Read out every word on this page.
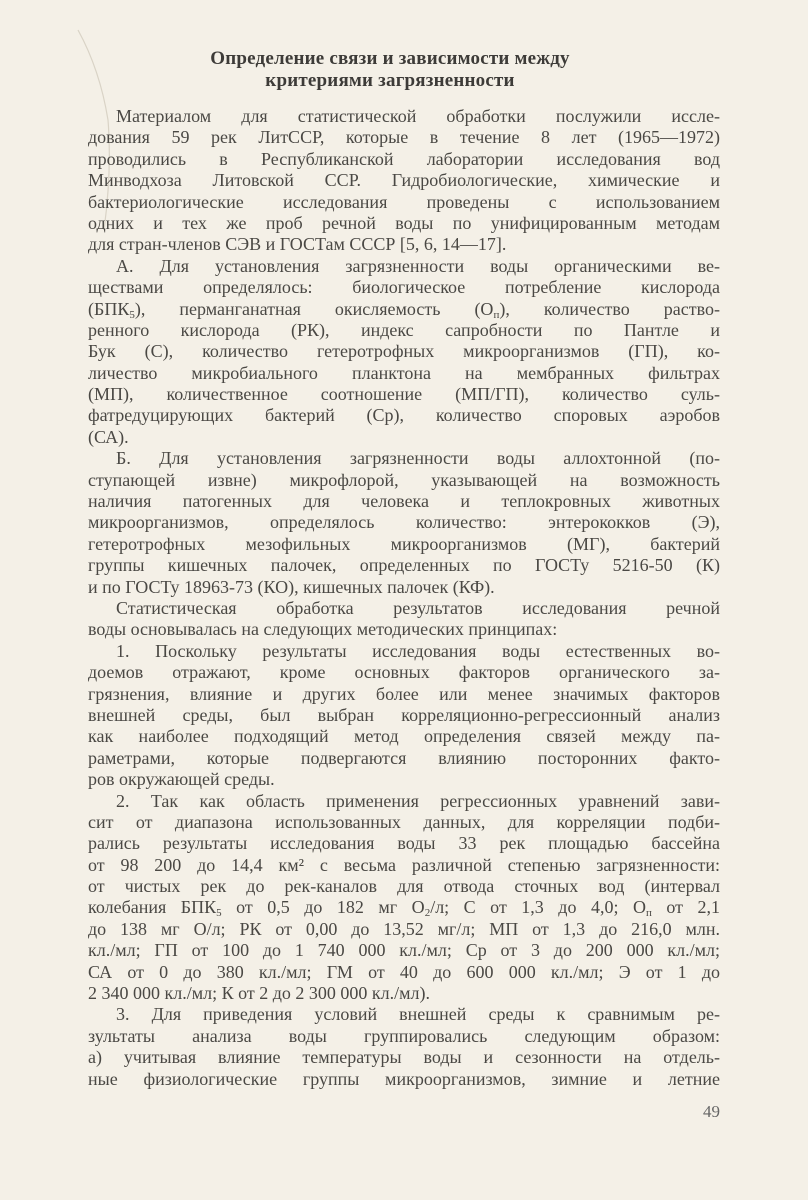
Определение связи и зависимости между
критериями загрязненности
Материалом для статистической обработки послужили иссле-
дования 59 рек ЛитССР, которые в течение 8 лет (1965—1972)
проводились в Республиканской лаборатории исследования вод
Минводхоза Литовской ССР. Гидробиологические, химические и
бактериологические исследования проведены с использованием
одних и тех же проб речной воды по унифицированным методам
для стран-членов СЭВ и ГОСТам СССР [5, 6, 14—17].
А. Для установления загрязненности воды органическими ве-
ществами определялось: биологическое потребление кислорода
$(БПК_5)$, перманганатная окисляемость $(О_п)$, количество раство-
ренного кислорода (РК), индекс сапробности по Пантле и
Бук (С), количество гетеротрофных микроорганизмов (ГП), ко-
личество микробиального планктона на мембранных фильтрах
(МП), количественное соотношение (МП/ГП), количество суль-
фатредуцирующих бактерий (Ср), количество споровых аэробов
(СА).
Б. Для установления загрязненности воды аллохтонной (по-
ступающей извне) микрофлорой, указывающей на возможность
наличия патогенных для человека и теплокровных животных
микроорганизмов, определялось количество: энтерококков (Э),
гетеротрофных мезофильных микроорганизмов (МГ), бактерий
группы кишечных палочек, определенных по ГОСТу 5216-50 (К)
и по ГОСТу 18963-73 (КО), кишечных палочек (КФ).
Статистическая обработка результатов исследования речной
воды основывалась на следующих методических принципах:
1. Поскольку результаты исследования воды естественных во-
доемов отражают, кроме основных факторов органического за-
грязнения, влияние и других более или менее значимых факторов
внешней среды, был выбран корреляционно-регрессионный анализ
как наиболее подходящий метод определения связей между па-
раметрами, которые подвергаются влиянию посторонних факто-
ров окружающей среды.
2. Так как область применения регрессионных уравнений зави-
сит от диапазона использованных данных, для корреляции подби-
рались результаты исследования воды 33 рек площадью бассейна
от 98 200 до 14,4 км² с весьма различной степенью загрязненности:
от чистых рек до рек-каналов для отвода сточных вод (интервал
колебания $БПК_5$ от 0,5 до 182 мг $О_2/л$; С от 1,3 до 4,0; $О_п$ от 2,1
до 138 мг О/л; РК от 0,00 до 13,52 мг/л; МП от 1,3 до 216,0 млн.
кл./мл; ГП от 100 до 1 740 000 кл./мл; Ср от 3 до 200 000 кл./мл;
СА от 0 до 380 кл./мл; ГМ от 40 до 600 000 кл./мл; Э от 1 до
2 340 000 кл./мл; К от 2 до 2 300 000 кл./мл).
3. Для приведения условий внешней среды к сравнимым ре-
зультаты анализа воды группировались следующим образом:
а) учитывая влияние температуры воды и сезонности на отдель-
ные физиологические группы микроорганизмов, зимние и летние
49
